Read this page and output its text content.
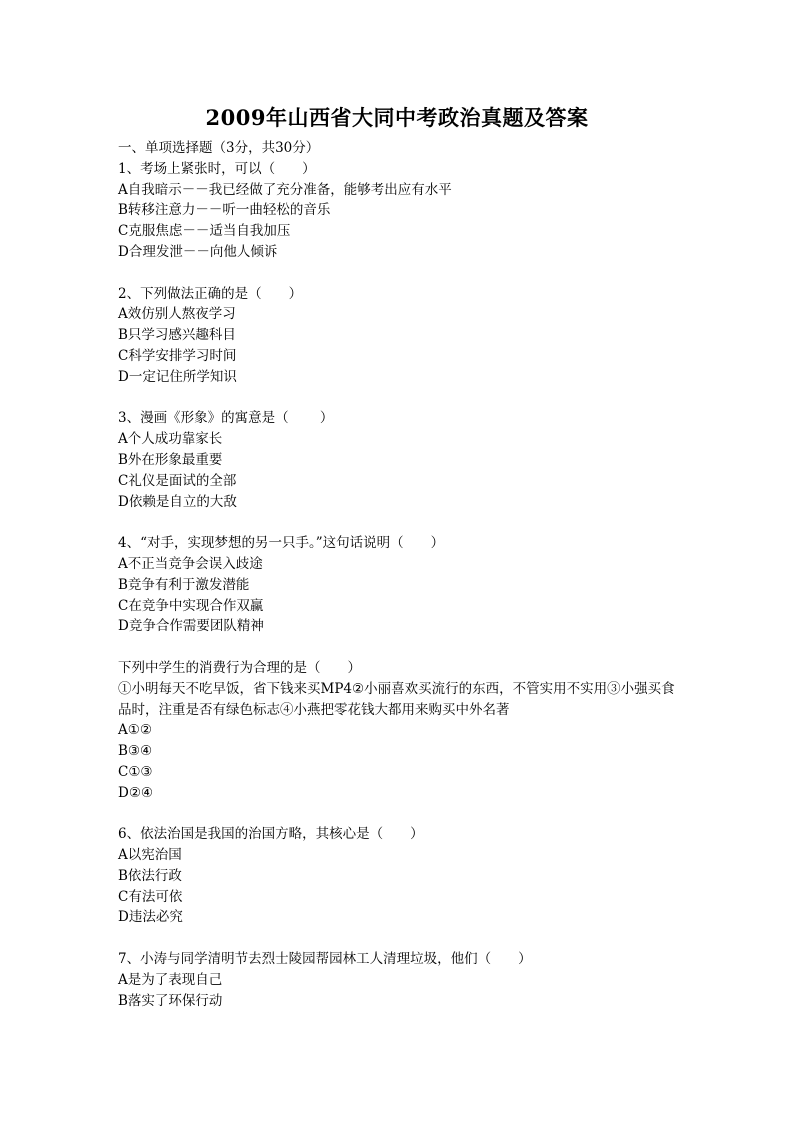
2009年山西省大同中考政治真题及答案

一、单项选择题（3分，共30分）

1、考场上紧张时，可以（　　）

A自我暗示－－我已经做了充分准备，能够考出应有水平

B转移注意力－－听一曲轻松的音乐

C克服焦虑－－适当自我加压

D合理发泄－－向他人倾诉

2、下列做法正确的是（　　）

A效仿别人熬夜学习

B只学习感兴趣科目

C科学安排学习时间

D一定记住所学知识

3、漫画《形象》的寓意是（　　 ）

A个人成功靠家长

B外在形象最重要

C礼仪是面试的全部

D依赖是自立的大敌

4、“对手，实现梦想的另一只手。”这句话说明（　　）

A不正当竞争会误入歧途

B竞争有利于激发潜能

C在竞争中实现合作双赢

D竞争合作需要团队精神

下列中学生的消费行为合理的是（　　）

①小明每天不吃早饭，省下钱来买MP4②小丽喜欢买流行的东西，不管实用不实用③小强买食品时，注重是否有绿色标志④小燕把零花钱大都用来购买中外名著

A①②

B③④

C①③

D②④

6、依法治国是我国的治国方略，其核心是（　　）

A以宪治国

B依法行政

C有法可依

D违法必究

7、小涛与同学清明节去烈士陵园帮园林工人清理垃圾，他们（　　）

A是为了表现自己

B落实了环保行动
